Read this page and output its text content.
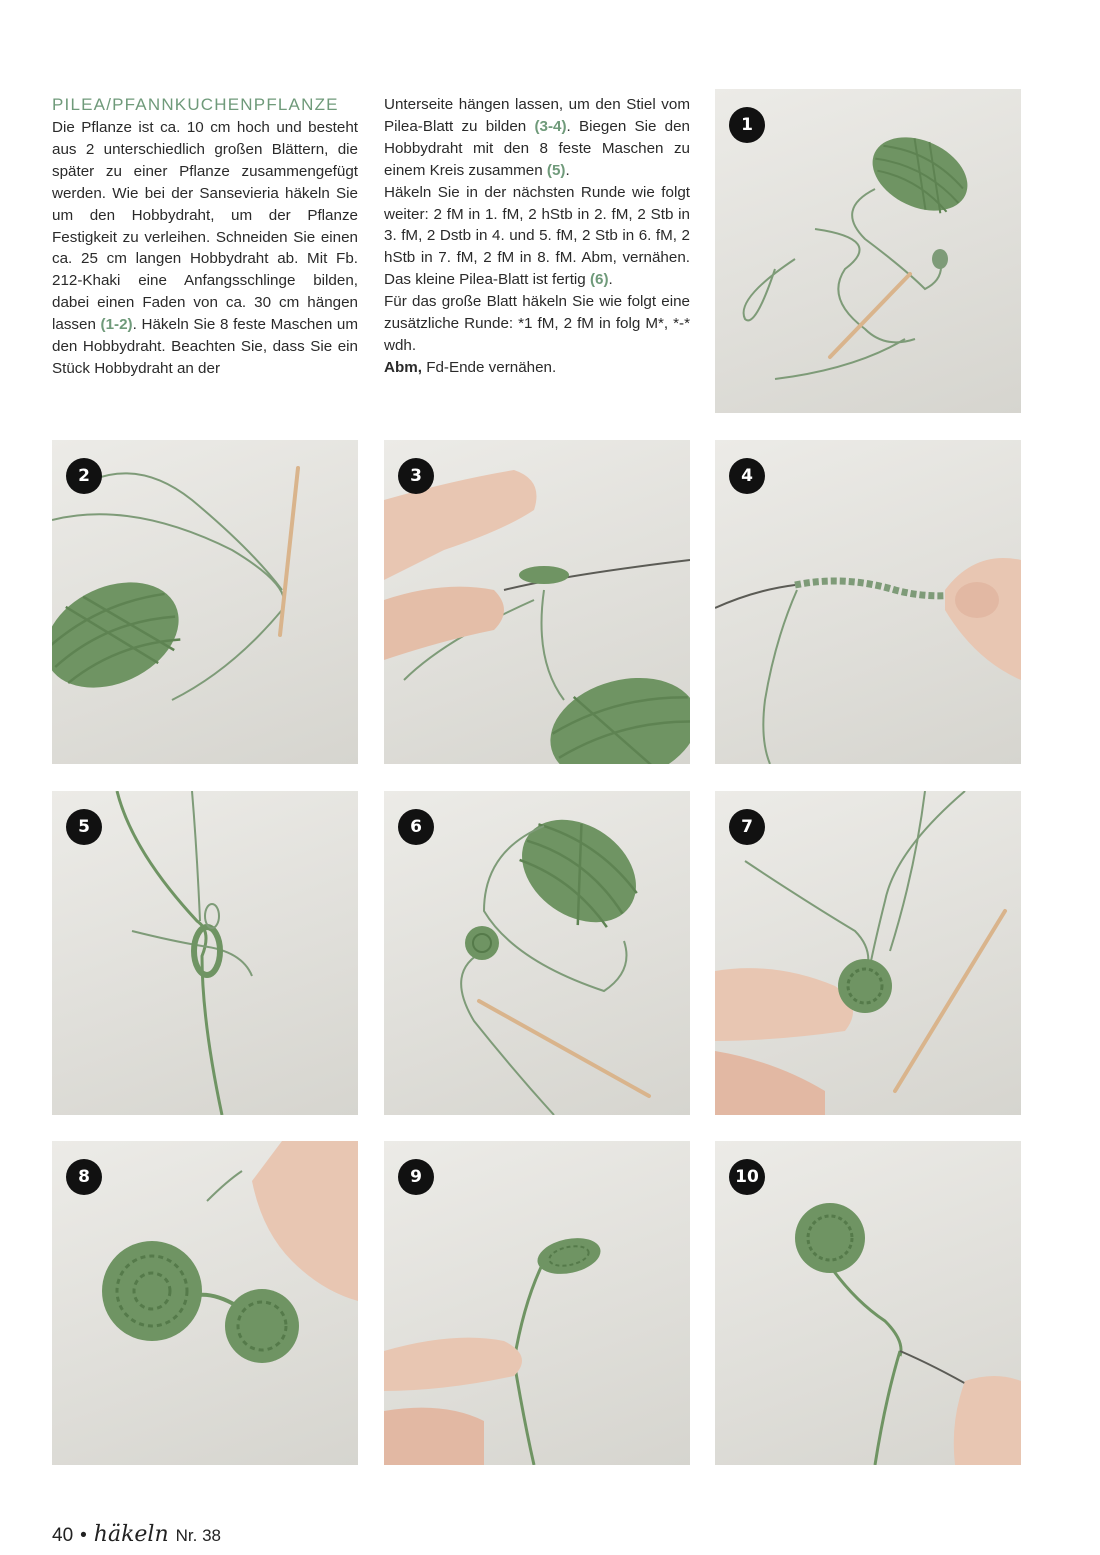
PILEA/PFANNKUCHENPFLANZE

Die Pflanze ist ca. 10 cm hoch und besteht aus 2 unterschiedlich großen Blättern, die später zu einer Pflanze zusammengefügt werden. Wie bei der Sansevieria häkeln Sie um den Hobbydraht, um der Pflanze Festigkeit zu verleihen. Schneiden Sie einen ca. 25 cm langen Hobbydraht ab. Mit Fb. 212-Khaki eine Anfangsschlinge bilden, dabei einen Faden von ca. 30 cm hängen lassen (1-2). Häkeln Sie 8 feste Maschen um den Hobbydraht. Beachten Sie, dass Sie ein Stück Hobbydraht an der

Unterseite hängen lassen, um den Stiel vom Pilea-Blatt zu bilden (3-4). Biegen Sie den Hobbydraht mit den 8 feste Maschen zu einem Kreis zusammen (5).

Häkeln Sie in der nächsten Runde wie folgt weiter: 2 fM in 1. fM, 2 hStb in 2. fM, 2 Stb in 3. fM, 2 Dstb in 4. und 5. fM, 2 Stb in 6. fM, 2 hStb in 7. fM, 2 fM in 8. fM. Abm, vernähen. Das kleine Pilea-Blatt ist fertig (6).

Für das große Blatt häkeln Sie wie folgt eine zusätzliche Runde: *1 fM, 2 fM in folg M*, *-* wdh.

Abm, Fd-Ende vernähen.

1
2	3	4
5	6	7
8	9	10
40 • häkeln Nr. 38
